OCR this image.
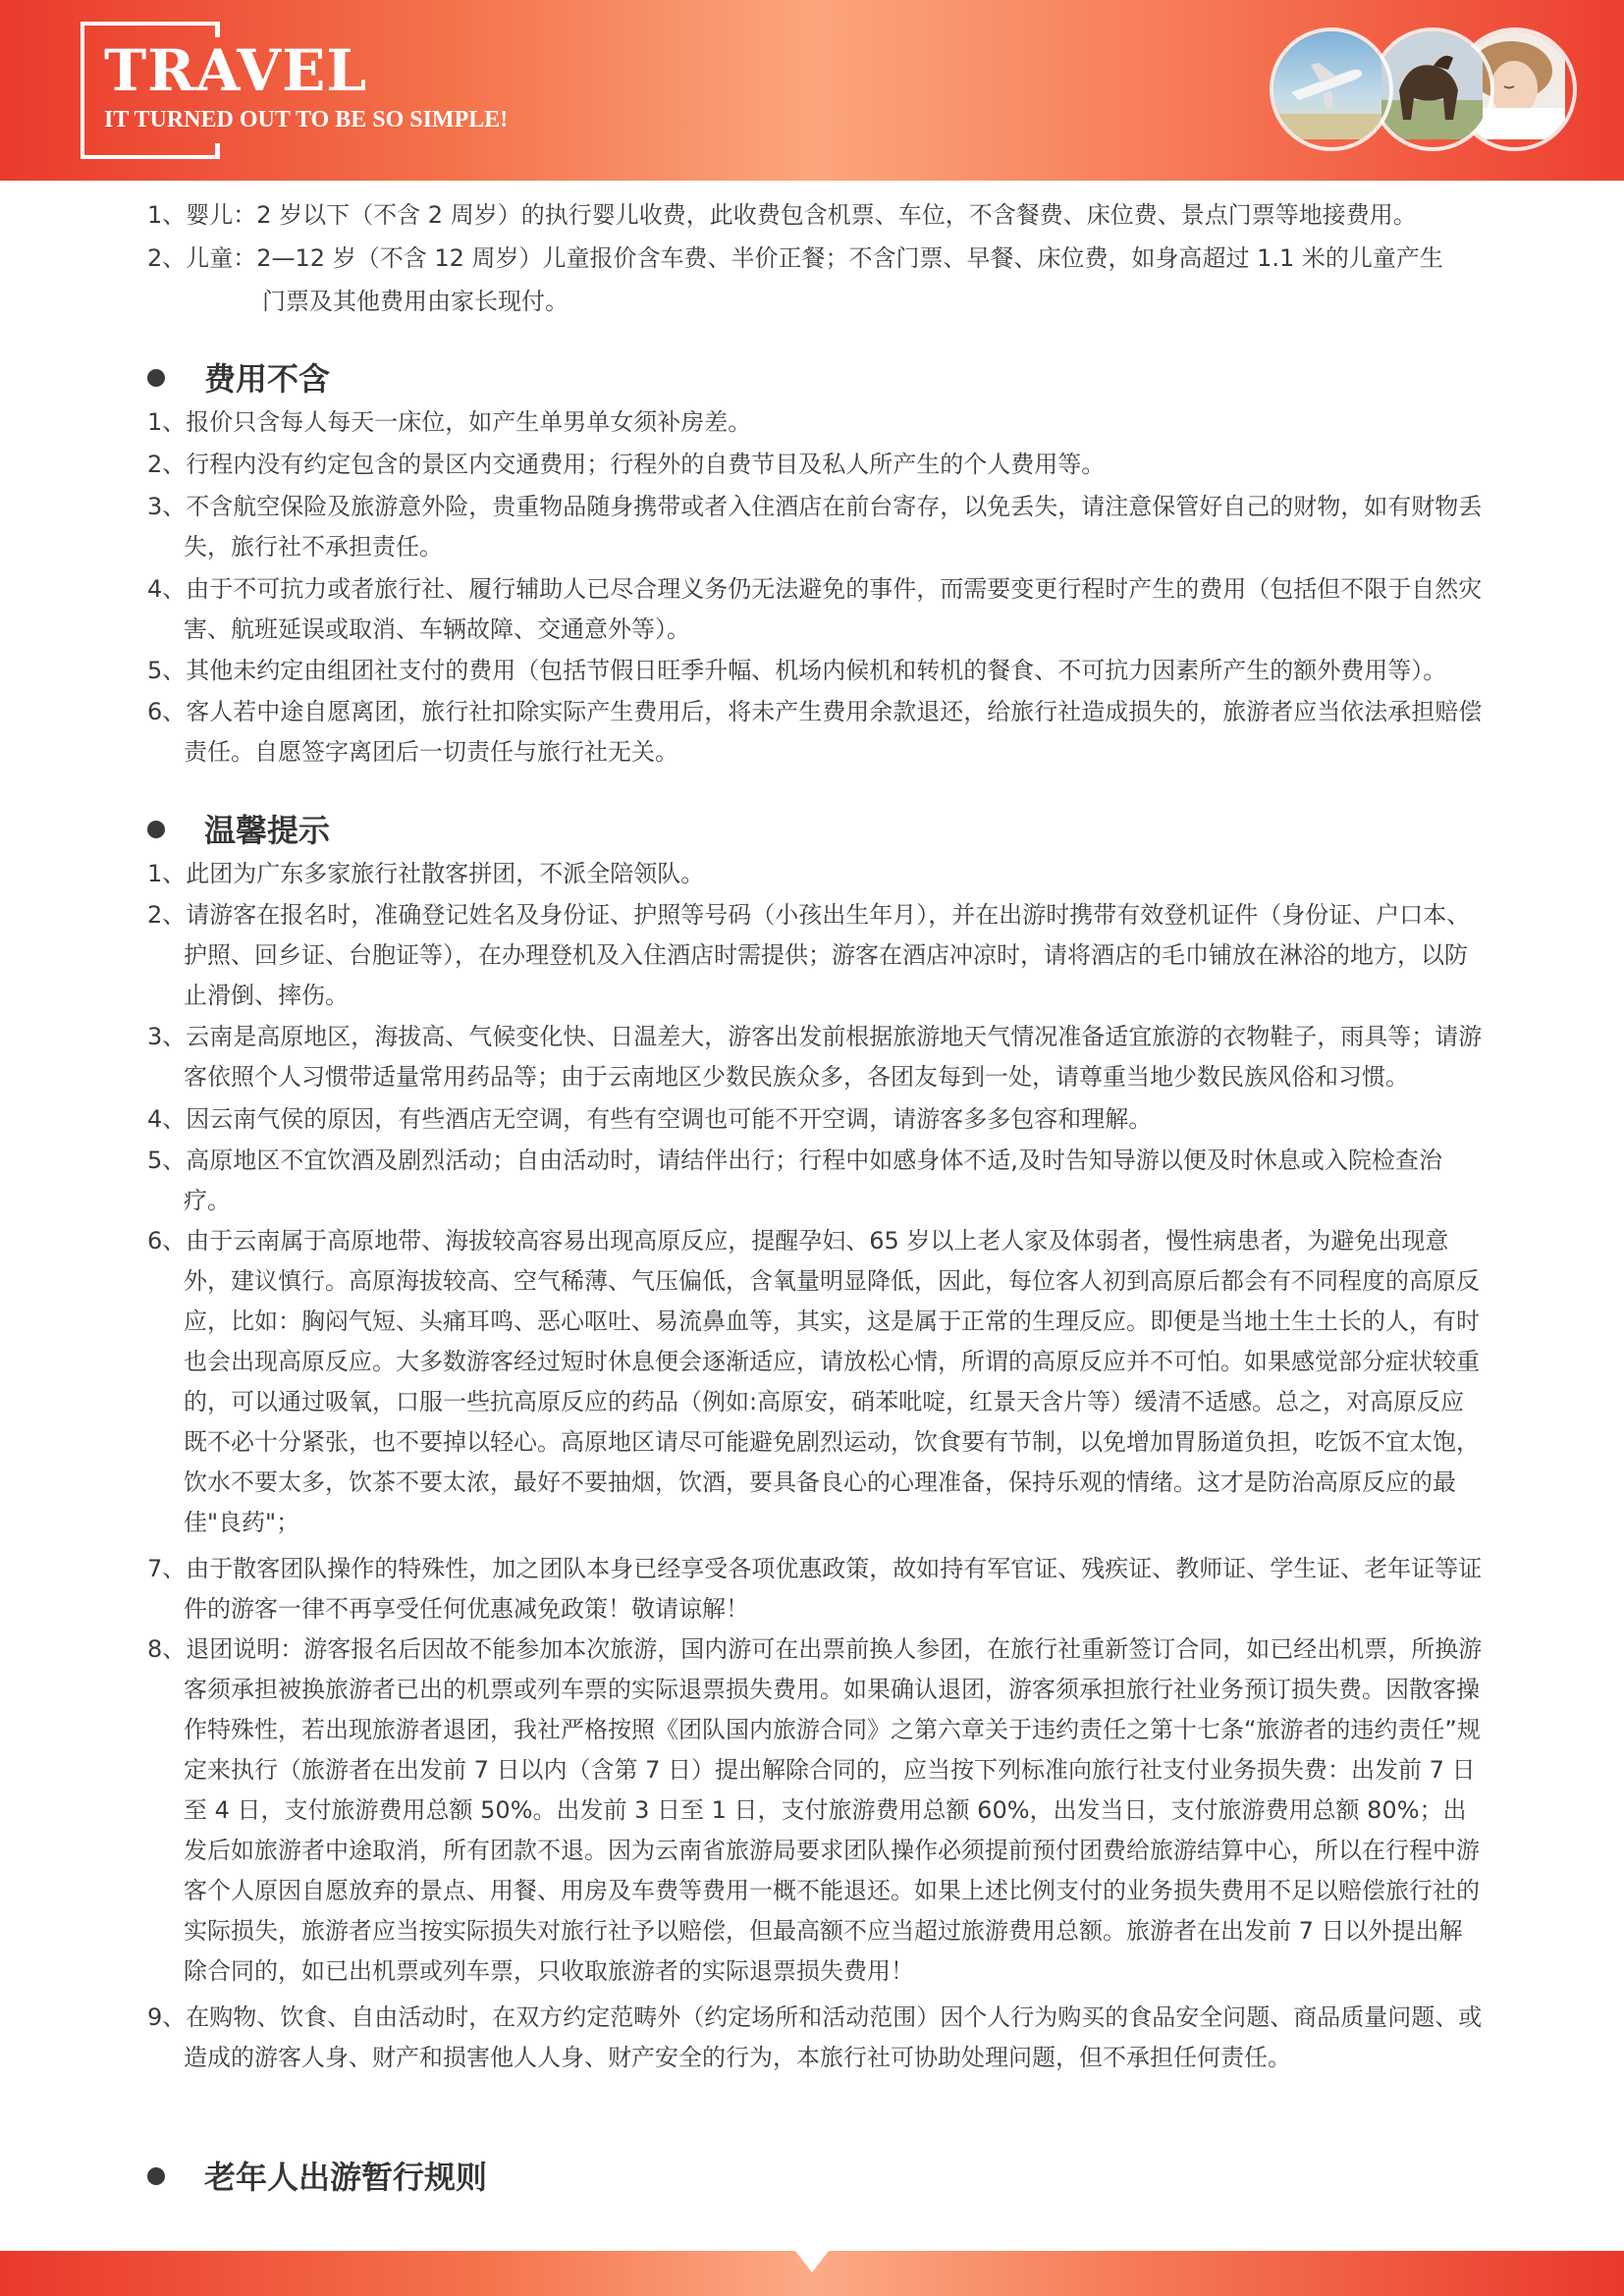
TRAVEL
IT TURNED OUT TO BE SO SIMPLE!
1、婴儿：2 岁以下（不含 2 周岁）的执行婴儿收费，此收费包含机票、车位，不含餐费、床位费、景点门票等地接费用。
2、儿童：2—12 岁（不含 12 周岁）儿童报价含车费、半价正餐；不含门票、早餐、床位费，如身高超过 1.1 米的儿童产生
门票及其他费用由家长现付。
费用不含
1、报价只含每人每天一床位，如产生单男单女须补房差。
2、行程内没有约定包含的景区内交通费用；行程外的自费节目及私人所产生的个人费用等。
3、不含航空保险及旅游意外险，贵重物品随身携带或者入住酒店在前台寄存，以免丢失，请注意保管好自己的财物，如有财物丢失，旅行社不承担责任。
4、由于不可抗力或者旅行社、履行辅助人已尽合理义务仍无法避免的事件，而需要变更行程时产生的费用（包括但不限于自然灾害、航班延误或取消、车辆故障、交通意外等）。
5、其他未约定由组团社支付的费用（包括节假日旺季升幅、机场内候机和转机的餐食、不可抗力因素所产生的额外费用等）。
6、客人若中途自愿离团，旅行社扣除实际产生费用后，将未产生费用余款退还，给旅行社造成损失的，旅游者应当依法承担赔偿责任。自愿签字离团后一切责任与旅行社无关。
温馨提示
1、此团为广东多家旅行社散客拼团，不派全陪领队。
2、请游客在报名时，准确登记姓名及身份证、护照等号码（小孩出生年月），并在出游时携带有效登机证件（身份证、户口本、护照、回乡证、台胞证等），在办理登机及入住酒店时需提供；游客在酒店冲凉时，请将酒店的毛巾铺放在淋浴的地方，以防止滑倒、摔伤。
3、云南是高原地区，海拔高、气候变化快、日温差大，游客出发前根据旅游地天气情况准备适宜旅游的衣物鞋子，雨具等；请游客依照个人习惯带适量常用药品等；由于云南地区少数民族众多，各团友每到一处，请尊重当地少数民族风俗和习惯。
4、因云南气侯的原因，有些酒店无空调，有些有空调也可能不开空调，请游客多多包容和理解。
5、高原地区不宜饮酒及剧烈活动；自由活动时，请结伴出行；行程中如感身体不适,及时告知导游以便及时休息或入院检查治疗。
6、由于云南属于高原地带、海拔较高容易出现高原反应，提醒孕妇、65 岁以上老人家及体弱者，慢性病患者，为避免出现意外，建议慎行。高原海拔较高、空气稀薄、气压偏低，含氧量明显降低，因此，每位客人初到高原后都会有不同程度的高原反应，比如：胸闷气短、头痛耳鸣、恶心呕吐、易流鼻血等，其实，这是属于正常的生理反应。即便是当地土生土长的人，有时也会出现高原反应。大多数游客经过短时休息便会逐渐适应，请放松心情，所谓的高原反应并不可怕。如果感觉部分症状较重的，可以通过吸氧，口服一些抗高原反应的药品（例如:高原安，硝苯吡啶，红景天含片等）缓清不适感。总之，对高原反应既不必十分紧张，也不要掉以轻心。高原地区请尽可能避免剧烈运动，饮食要有节制，以免增加胃肠道负担，吃饭不宜太饱，饮水不要太多，饮茶不要太浓，最好不要抽烟，饮酒，要具备良心的心理准备，保持乐观的情绪。这才是防治高原反应的最佳"良药"；
7、由于散客团队操作的特殊性，加之团队本身已经享受各项优惠政策，故如持有军官证、残疾证、教师证、学生证、老年证等证件的游客一律不再享受任何优惠减免政策！敬请谅解！
8、退团说明：游客报名后因故不能参加本次旅游，国内游可在出票前换人参团，在旅行社重新签订合同，如已经出机票，所换游客须承担被换旅游者已出的机票或列车票的实际退票损失费用。如果确认退团，游客须承担旅行社业务预订损失费。因散客操作特殊性，若出现旅游者退团，我社严格按照《团队国内旅游合同》之第六章关于违约责任之第十七条“旅游者的违约责任”规定来执行（旅游者在出发前 7 日以内（含第 7 日）提出解除合同的，应当按下列标准向旅行社支付业务损失费：出发前 7 日至 4 日，支付旅游费用总额 50%。出发前 3 日至 1 日，支付旅游费用总额 60%，出发当日，支付旅游费用总额 80%；出发后如旅游者中途取消，所有团款不退。因为云南省旅游局要求团队操作必须提前预付团费给旅游结算中心，所以在行程中游客个人原因自愿放弃的景点、用餐、用房及车费等费用一概不能退还。如果上述比例支付的业务损失费用不足以赔偿旅行社的实际损失，旅游者应当按实际损失对旅行社予以赔偿，但最高额不应当超过旅游费用总额。旅游者在出发前 7 日以外提出解除合同的，如已出机票或列车票，只收取旅游者的实际退票损失费用！
9、在购物、饮食、自由活动时，在双方约定范畴外（约定场所和活动范围）因个人行为购买的食品安全问题、商品质量问题、或造成的游客人身、财产和损害他人人身、财产安全的行为，本旅行社可协助处理问题，但不承担任何责任。
老年人出游暂行规则
